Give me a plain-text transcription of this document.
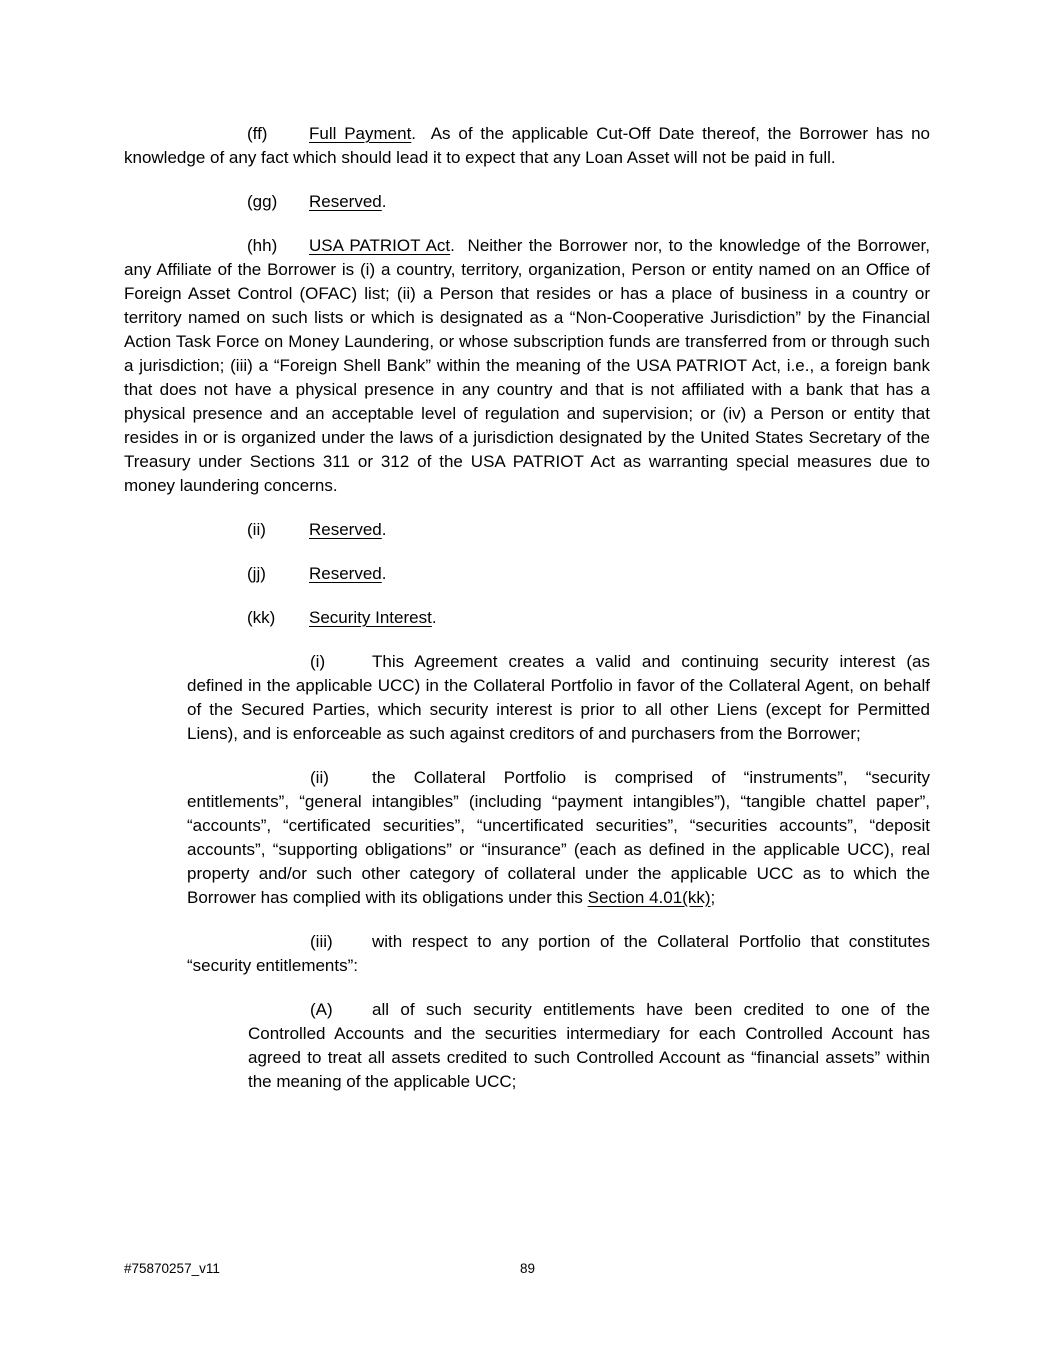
(ff) Full Payment.  As of the applicable Cut-Off Date thereof, the Borrower has no knowledge of any fact which should lead it to expect that any Loan Asset will not be paid in full.

(gg) Reserved.

(hh) USA PATRIOT Act.  Neither the Borrower nor, to the knowledge of the Borrower, any Affiliate of the Borrower is (i) a country, territory, organization, Person or entity named on an Office of Foreign Asset Control (OFAC) list; (ii) a Person that resides or has a place of business in a country or territory named on such lists or which is designated as a “Non-Cooperative Jurisdiction” by the Financial Action Task Force on Money Laundering, or whose subscription funds are transferred from or through such a jurisdiction; (iii) a “Foreign Shell Bank” within the meaning of the USA PATRIOT Act, i.e., a foreign bank that does not have a physical presence in any country and that is not affiliated with a bank that has a physical presence and an acceptable level of regulation and supervision; or (iv) a Person or entity that resides in or is organized under the laws of a jurisdiction designated by the United States Secretary of the Treasury under Sections 311 or 312 of the USA PATRIOT Act as warranting special measures due to money laundering concerns.

(ii)	Reserved.

(jj)	Reserved.

(kk) Security Interest.

(i)	This Agreement creates a valid and continuing security interest (as defined in the applicable UCC) in the Collateral Portfolio in favor of the Collateral Agent, on behalf of the Secured Parties, which security interest is prior to all other Liens (except for Permitted Liens), and is enforceable as such against creditors of and purchasers from the Borrower;

(ii)	the Collateral Portfolio is comprised of “instruments”, “security entitlements”, “general intangibles” (including “payment intangibles”), “tangible chattel paper”, “accounts”, “certificated securities”, “uncertificated securities”, “securities accounts”, “deposit accounts”, “supporting obligations” or “insurance” (each as defined in the applicable UCC), real property and/or such other category of collateral under the applicable UCC as to which the Borrower has complied with its obligations under this Section 4.01(kk);

(iii) with respect to any portion of the Collateral Portfolio that constitutes “security entitlements”:

(A) all of such security entitlements have been credited to one of the Controlled Accounts and the securities intermediary for each Controlled Account has agreed to treat all assets credited to such Controlled Account as “financial assets” within the meaning of the applicable UCC;

#75870257_v11	89
